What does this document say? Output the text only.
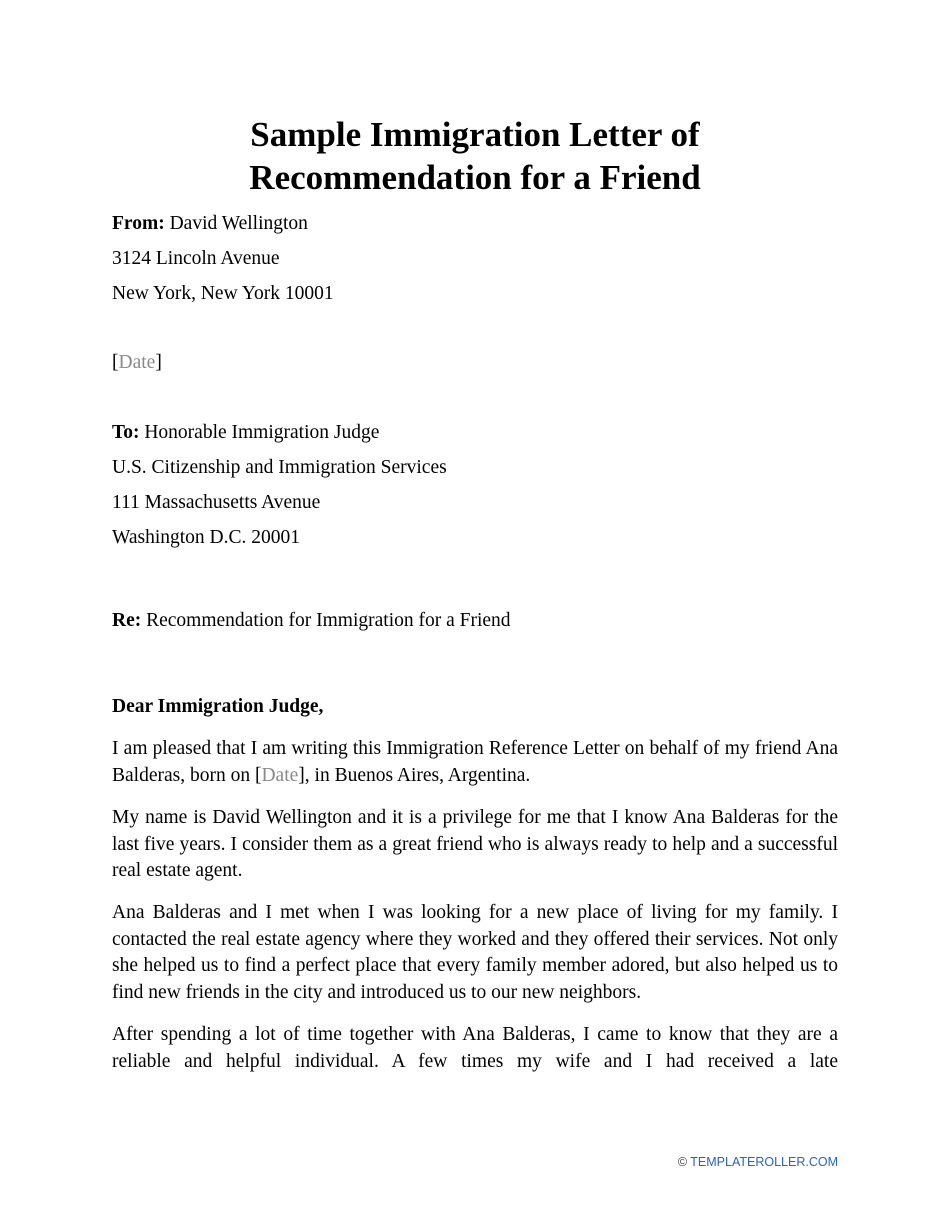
Sample Immigration Letter of
Recommendation for a Friend

From: David Wellington

3124 Lincoln Avenue

New York, New York 10001

[Date]

To: Honorable Immigration Judge

U.S. Citizenship and Immigration Services

111 Massachusetts Avenue

Washington D.C. 20001

Re: Recommendation for Immigration for a Friend

Dear Immigration Judge,

I am pleased that I am writing this Immigration Reference Letter on behalf of my friend Ana Balderas, born on [Date], in Buenos Aires, Argentina.

My name is David Wellington and it is a privilege for me that I know Ana Balderas for the last five years. I consider them as a great friend who is always ready to help and a successful real estate agent.

Ana Balderas and I met when I was looking for a new place of living for my family. I contacted the real estate agency where they worked and they offered their services. Not only she helped us to find a perfect place that every family member adored, but also helped us to find new friends in the city and introduced us to our new neighbors.

After spending a lot of time together with Ana Balderas, I came to know that they are a reliable and helpful individual. A few times my wife and I had received a late

© TEMPLATEROLLER.COM
